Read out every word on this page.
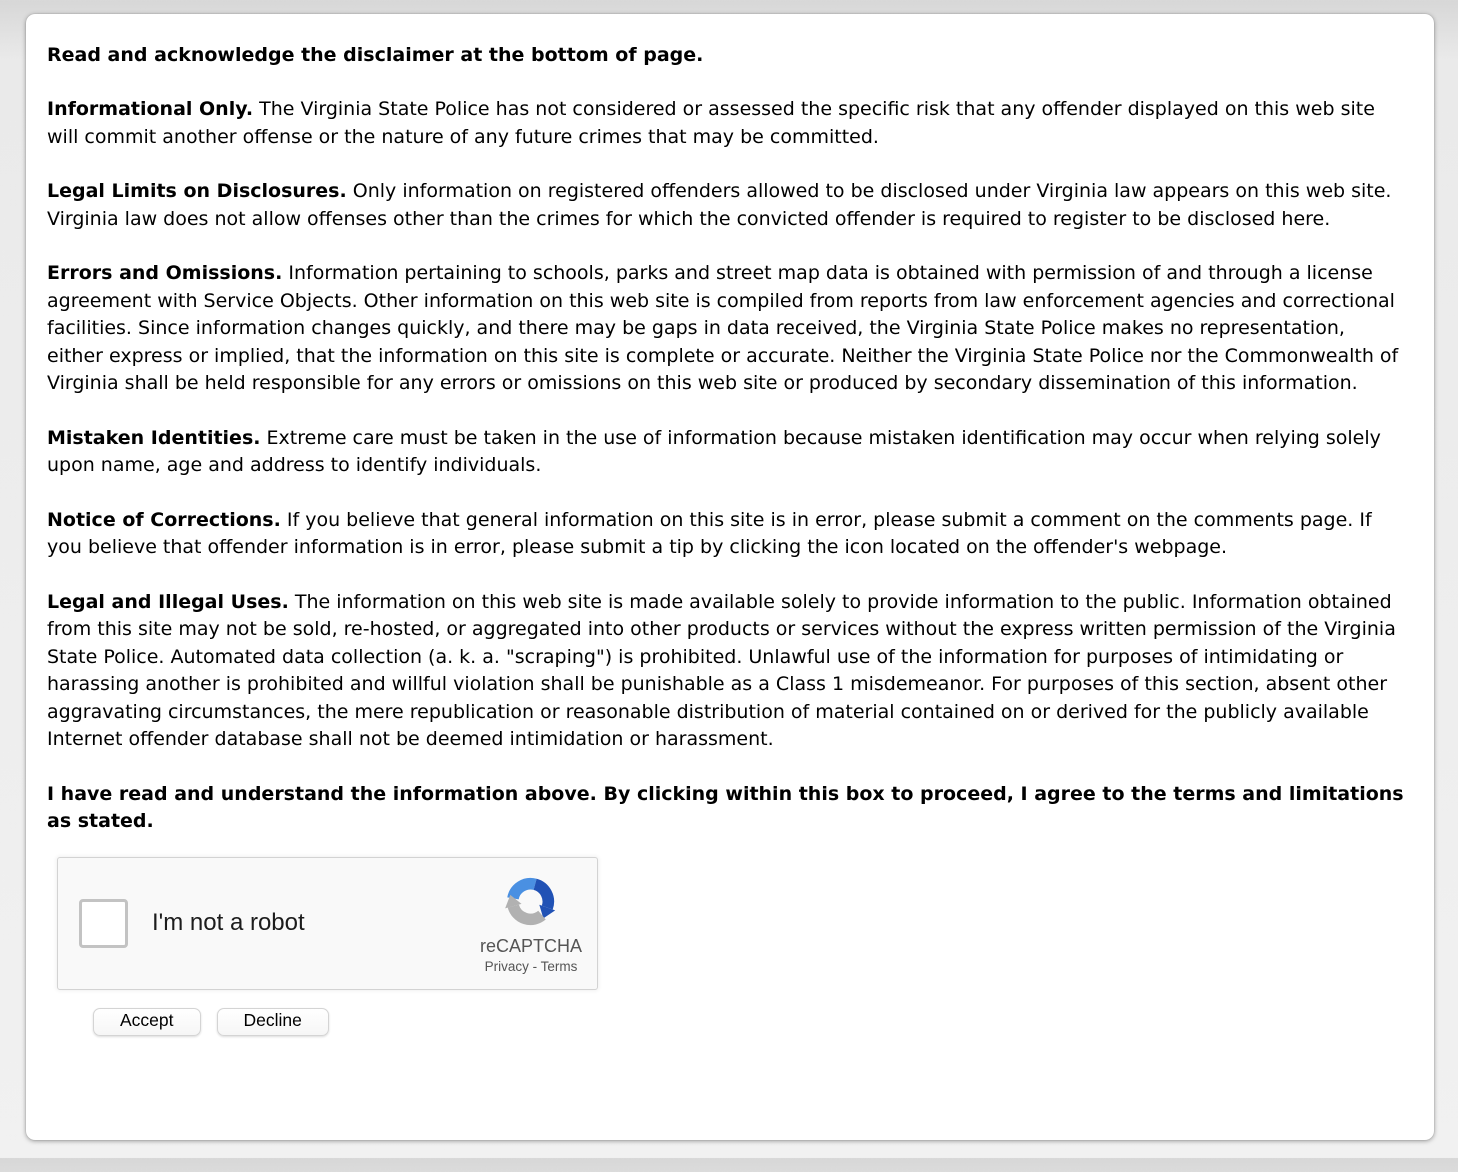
Read and acknowledge the disclaimer at the bottom of page.

Informational Only. The Virginia State Police has not considered or assessed the specific risk that any offender displayed on this web site will commit another offense or the nature of any future crimes that may be committed.

Legal Limits on Disclosures. Only information on registered offenders allowed to be disclosed under Virginia law appears on this web site. Virginia law does not allow offenses other than the crimes for which the convicted offender is required to register to be disclosed here.

Errors and Omissions. Information pertaining to schools, parks and street map data is obtained with permission of and through a license agreement with Service Objects. Other information on this web site is compiled from reports from law enforcement agencies and correctional facilities. Since information changes quickly, and there may be gaps in data received, the Virginia State Police makes no representation, either express or implied, that the information on this site is complete or accurate. Neither the Virginia State Police nor the Commonwealth of Virginia shall be held responsible for any errors or omissions on this web site or produced by secondary dissemination of this information.

Mistaken Identities. Extreme care must be taken in the use of information because mistaken identification may occur when relying solely upon name, age and address to identify individuals.

Notice of Corrections. If you believe that general information on this site is in error, please submit a comment on the comments page. If you believe that offender information is in error, please submit a tip by clicking the icon located on the offender's webpage.

Legal and Illegal Uses. The information on this web site is made available solely to provide information to the public. Information obtained from this site may not be sold, re-hosted, or aggregated into other products or services without the express written permission of the Virginia State Police. Automated data collection (a. k. a. "scraping") is prohibited. Unlawful use of the information for purposes of intimidating or harassing another is prohibited and willful violation shall be punishable as a Class 1 misdemeanor. For purposes of this section, absent other aggravating circumstances, the mere republication or reasonable distribution of material contained on or derived for the publicly available Internet offender database shall not be deemed intimidation or harassment.

I have read and understand the information above. By clicking within this box to proceed, I agree to the terms and limitations as stated.

I'm not a robot
reCAPTCHA
Privacy - Terms
Accept	Decline
